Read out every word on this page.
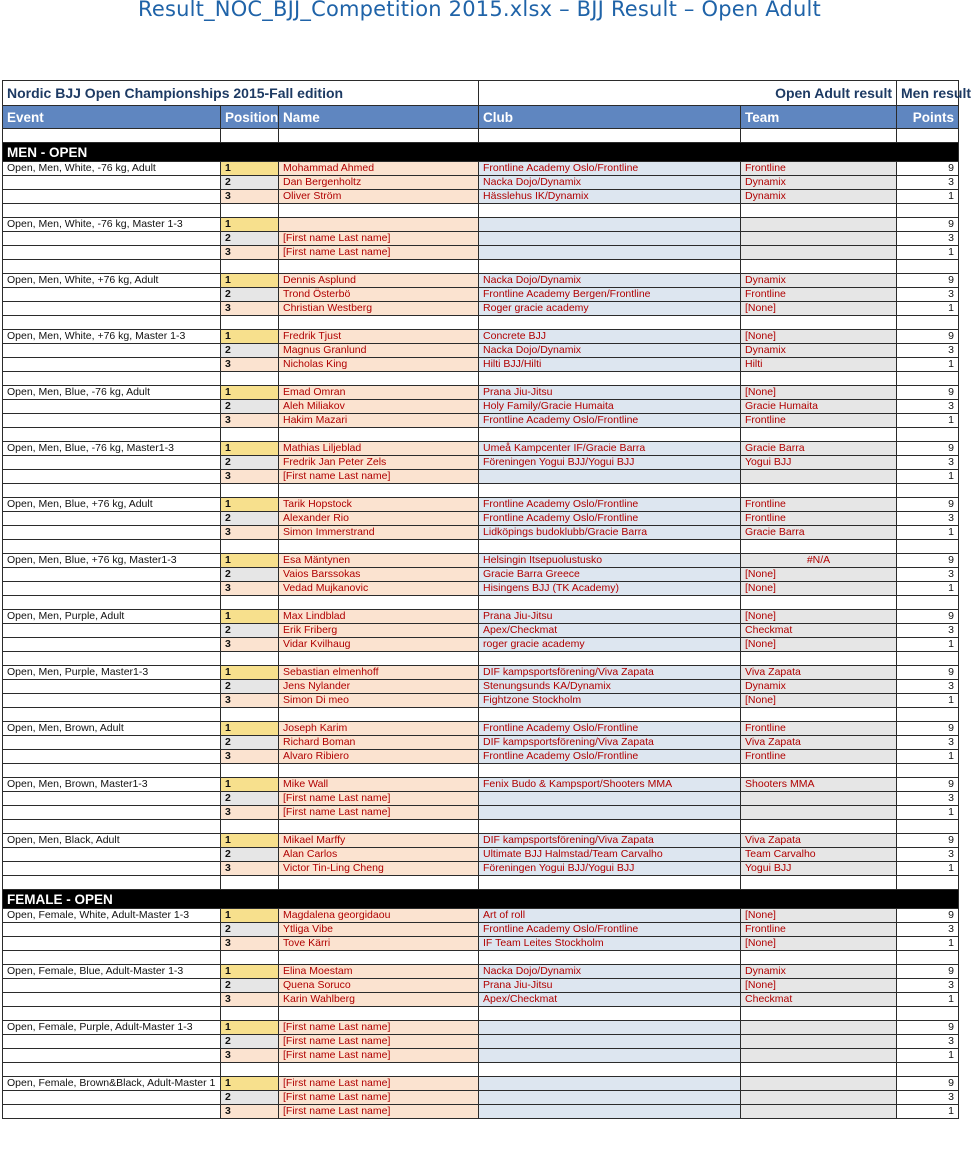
Result_NOC_BJJ_Competition 2015.xlsx – BJJ Result – Open Adult
Nordic BJJ Open Championships 2015-Fall edition			Open Adult result		Men result
Event	Position	Name	Club	Team	Points

MEN - OPEN					
Open, Men, White, -76 kg, Adult	1	Mohammad Ahmed	Frontline Academy Oslo/Frontline	Frontline	9
	2	Dan Bergenholtz	Nacka Dojo/Dynamix	Dynamix	3
	3	Oliver Ström	Hässlehus IK/Dynamix	Dynamix	1

Open, Men, White, -76 kg, Master 1-3	1				9
	2	[First name Last name]			3
	3	[First name Last name]			1

Open, Men, White, +76 kg, Adult	1	Dennis Asplund	Nacka Dojo/Dynamix	Dynamix	9
	2	Trond Österbö	Frontline Academy Bergen/Frontline	Frontline	3
	3	Christian Westberg	Roger gracie academy	[None]	1

Open, Men, White, +76 kg, Master 1-3	1	Fredrik Tjust	Concrete BJJ	[None]	9
	2	Magnus Granlund	Nacka Dojo/Dynamix	Dynamix	3
	3	Nicholas King	Hilti BJJ/Hilti	Hilti	1

Open, Men, Blue, -76 kg, Adult	1	Emad Omran	Prana Jiu-Jitsu	[None]	9
	2	Aleh Miliakov	Holy Family/Gracie Humaita	Gracie Humaita	3
	3	Hakim Mazari	Frontline Academy Oslo/Frontline	Frontline	1

Open, Men, Blue, -76 kg, Master1-3	1	Mathias Liljeblad	Umeå Kampcenter IF/Gracie Barra	Gracie Barra	9
	2	Fredrik Jan Peter Zels	Föreningen Yogui BJJ/Yogui BJJ	Yogui BJJ	3
	3	[First name Last name]			1

Open, Men, Blue, +76 kg, Adult	1	Tarik Hopstock	Frontline Academy Oslo/Frontline	Frontline	9
	2	Alexander Rio	Frontline Academy Oslo/Frontline	Frontline	3
	3	Simon Immerstrand	Lidköpings budoklubb/Gracie Barra	Gracie Barra	1

Open, Men, Blue, +76 kg, Master1-3	1	Esa Mäntynen	Helsingin Itsepuolustusko	#N/A	9
	2	Vaios Barssokas	Gracie Barra Greece	[None]	3
	3	Vedad Mujkanovic	Hisingens BJJ (TK Academy)	[None]	1

Open, Men, Purple, Adult	1	Max Lindblad	Prana Jiu-Jitsu	[None]	9
	2	Erik Friberg	Apex/Checkmat	Checkmat	3
	3	Vidar Kvilhaug	roger gracie academy	[None]	1

Open, Men, Purple, Master1-3	1	Sebastian elmenhoff	DIF kampsportsförening/Viva Zapata	Viva Zapata	9
	2	Jens Nylander	Stenungsunds KA/Dynamix	Dynamix	3
	3	Simon Di meo	Fightzone Stockholm	[None]	1

Open, Men, Brown, Adult	1	Joseph Karim	Frontline Academy Oslo/Frontline	Frontline	9
	2	Richard Boman	DIF kampsportsförening/Viva Zapata	Viva Zapata	3
	3	Alvaro Ribiero	Frontline Academy Oslo/Frontline	Frontline	1

Open, Men, Brown, Master1-3	1	Mike Wall	Fenix Budo & Kampsport/Shooters MMA	Shooters MMA	9
	2	[First name Last name]			3
	3	[First name Last name]			1

Open, Men, Black, Adult	1	Mikael Marffy	DIF kampsportsförening/Viva Zapata	Viva Zapata	9
	2	Alan Carlos	Ultimate BJJ Halmstad/Team Carvalho	Team Carvalho	3
	3	Victor Tin-Ling Cheng	Föreningen Yogui BJJ/Yogui BJJ	Yogui BJJ	1

FEMALE - OPEN					
Open, Female, White, Adult-Master 1-3	1	Magdalena georgidaou	Art of roll	[None]	9
	2	Ytliga Vibe	Frontline Academy Oslo/Frontline	Frontline	3
	3	Tove Kärri	IF Team Leites Stockholm	[None]	1

Open, Female, Blue, Adult-Master 1-3	1	Elina Moestam	Nacka Dojo/Dynamix	Dynamix	9
	2	Quena Soruco	Prana Jiu-Jitsu	[None]	3
	3	Karin Wahlberg	Apex/Checkmat	Checkmat	1

Open, Female, Purple, Adult-Master 1-3	1	[First name Last name]			9
	2	[First name Last name]			3
	3	[First name Last name]			1

Open, Female, Brown&Black, Adult-Master 1	1	[First name Last name]			9
	2	[First name Last name]			3
	3	[First name Last name]			1
